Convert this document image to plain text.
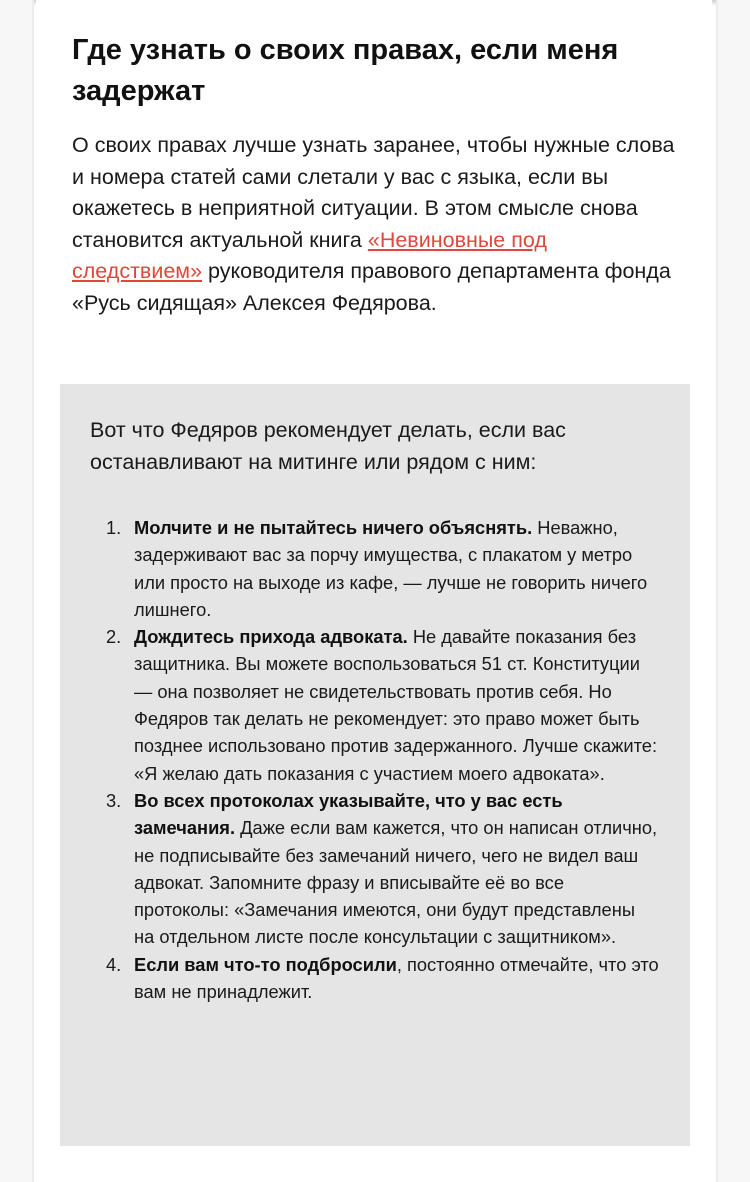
Где узнать о своих правах, если меня задержат

О своих правах лучше узнать заранее, чтобы нужные слова и номера статей сами слетали у вас с языка, если вы окажетесь в неприятной ситуации. В этом смысле снова становится актуальной книга «Невиновные под следствием» руководителя правового департамента фонда «Русь сидящая» Алексея Федярова.

Вот что Федяров рекомендует делать, если вас останавливают на митинге или рядом с ним:

1. Молчите и не пытайтесь ничего объяснять. Неважно, задерживают вас за порчу имущества, с плакатом у метро или просто на выходе из кафе, — лучше не говорить ничего лишнего.
2. Дождитесь прихода адвоката. Не давайте показания без защитника. Вы можете воспользоваться 51 ст. Конституции — она позволяет не свидетельствовать против себя. Но Федяров так делать не рекомендует: это право может быть позднее использовано против задержанного. Лучше скажите: «Я желаю дать показания с участием моего адвоката».
3. Во всех протоколах указывайте, что у вас есть замечания. Даже если вам кажется, что он написан отлично, не подписывайте без замечаний ничего, чего не видел ваш адвокат. Запомните фразу и вписывайте её во все протоколы: «Замечания имеются, они будут представлены на отдельном листе после консультации с защитником».
4. Если вам что-то подбросили, постоянно отмечайте, что это вам не принадлежит.
